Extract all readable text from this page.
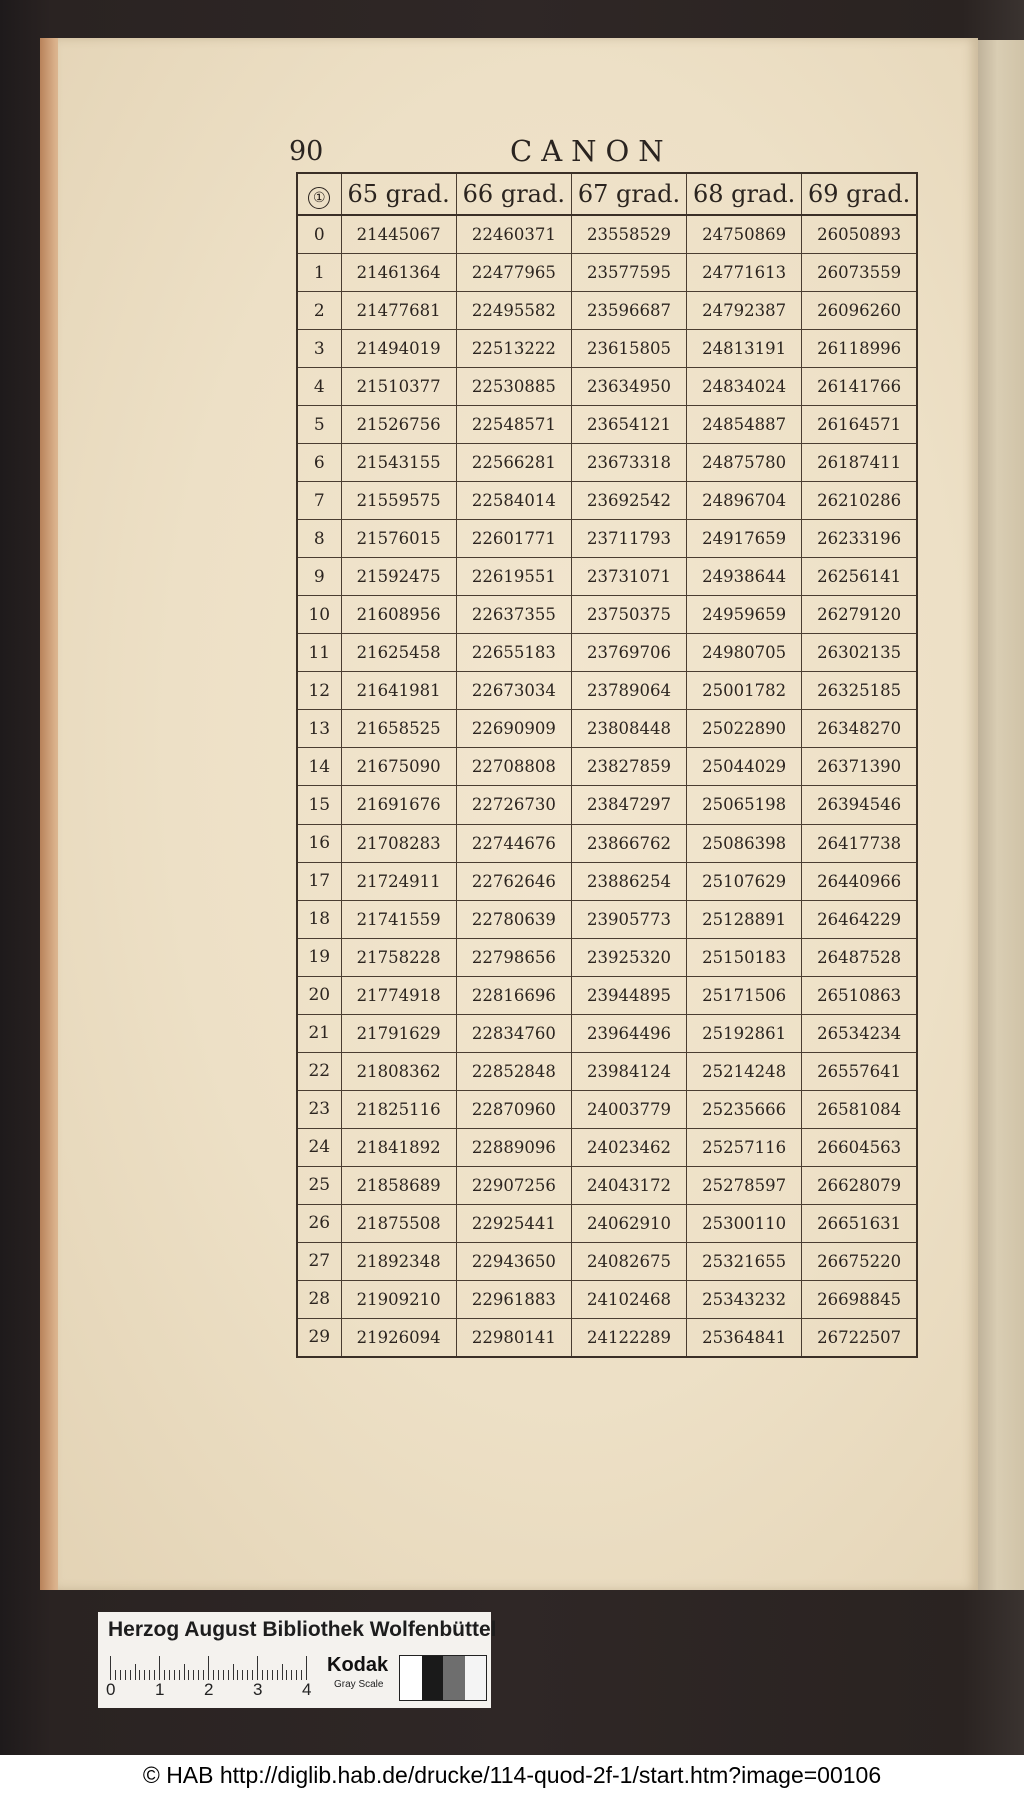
90	CANON
①	65 grad.	66 grad.	67 grad.	68 grad.	69 grad.
0	21445067	22460371	23558529	24750869	26050893
1	21461364	22477965	23577595	24771613	26073559
2	21477681	22495582	23596687	24792387	26096260
3	21494019	22513222	23615805	24813191	26118996
4	21510377	22530885	23634950	24834024	26141766
5	21526756	22548571	23654121	24854887	26164571
6	21543155	22566281	23673318	24875780	26187411
7	21559575	22584014	23692542	24896704	26210286
8	21576015	22601771	23711793	24917659	26233196
9	21592475	22619551	23731071	24938644	26256141
10	21608956	22637355	23750375	24959659	26279120
11	21625458	22655183	23769706	24980705	26302135
12	21641981	22673034	23789064	25001782	26325185
13	21658525	22690909	23808448	25022890	26348270
14	21675090	22708808	23827859	25044029	26371390
15	21691676	22726730	23847297	25065198	26394546
16	21708283	22744676	23866762	25086398	26417738
17	21724911	22762646	23886254	25107629	26440966
18	21741559	22780639	23905773	25128891	26464229
19	21758228	22798656	23925320	25150183	26487528
20	21774918	22816696	23944895	25171506	26510863
21	21791629	22834760	23964496	25192861	26534234
22	21808362	22852848	23984124	25214248	26557641
23	21825116	22870960	24003779	25235666	26581084
24	21841892	22889096	24023462	25257116	26604563
25	21858689	22907256	24043172	25278597	26628079
26	21875508	22925441	24062910	25300110	26651631
27	21892348	22943650	24082675	25321655	26675220
28	21909210	22961883	24102468	25343232	26698845
29	21926094	22980141	24122289	25364841	26722507
Herzog August Bibliothek Wolfenbüttel
0 1 2 3 4
Kodak
Gray Scale
© HAB http://diglib.hab.de/drucke/114-quod-2f-1/start.htm?image=00106
